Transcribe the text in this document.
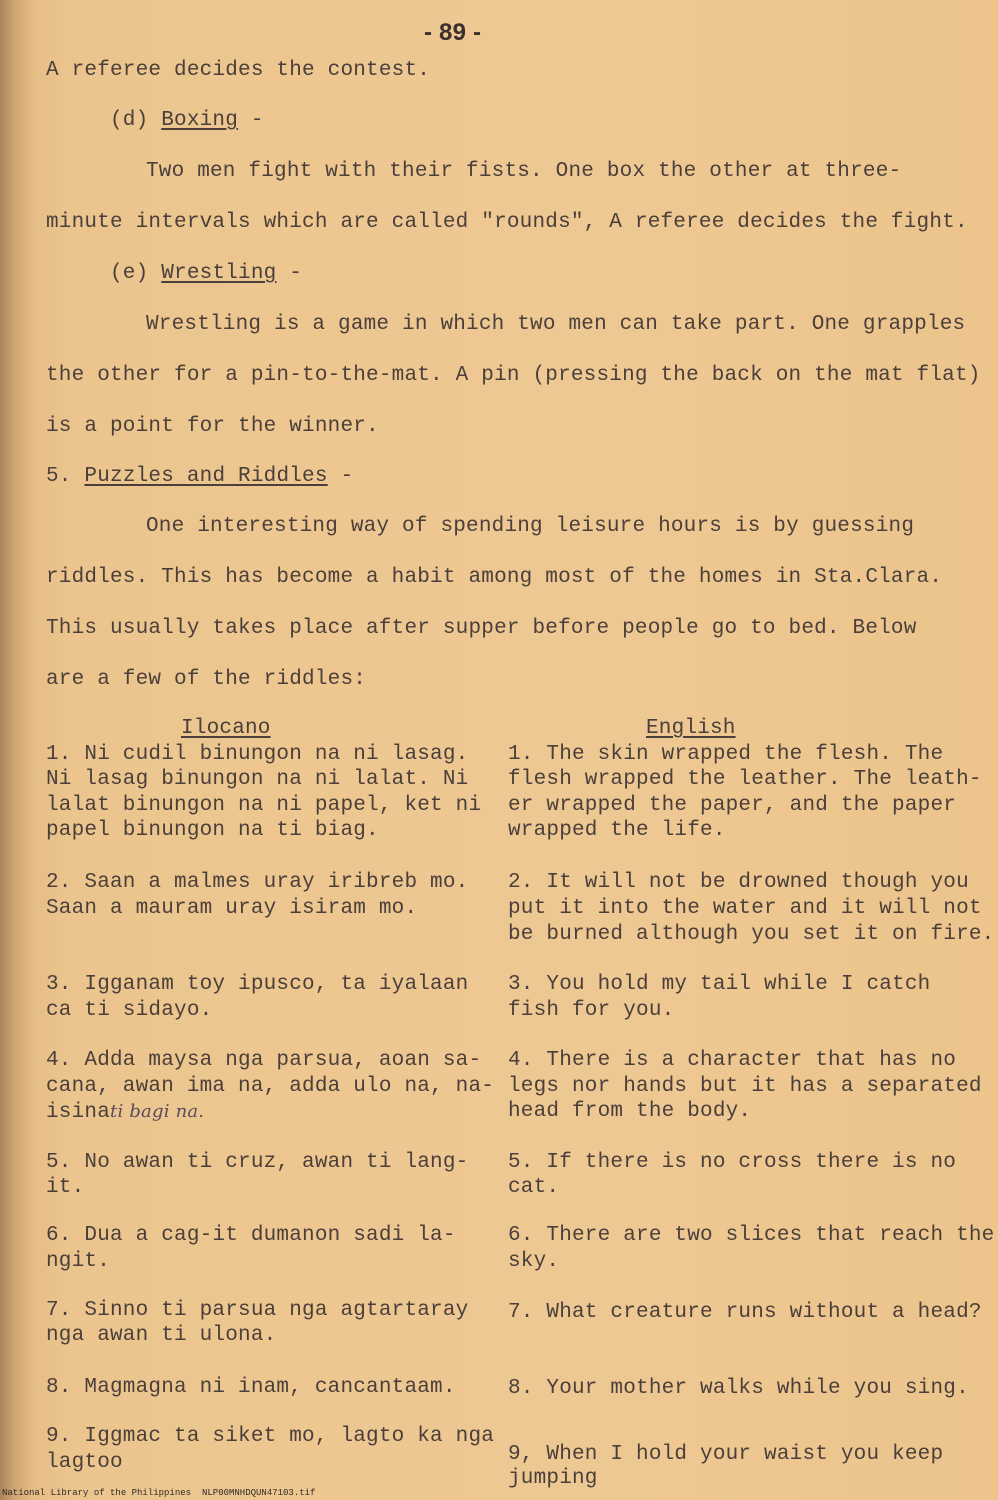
- 89 -
A referee decides the contest.
(d) Boxing -
Two men fight with their fists. One box the other at three-
minute intervals which are called "rounds", A referee decides the fight.
(e) Wrestling -
Wrestling is a game in which two men can take part. One grapples
the other for a pin-to-the-mat. A pin (pressing the back on the mat flat)
is a point for the winner.
5. Puzzles and Riddles -
One interesting way of spending leisure hours is by guessing
riddles. This has become a habit among most of the homes in Sta.Clara.
This usually takes place after supper before people go to bed. Below
are a few of the riddles:
Ilocano	English
1. Ni cudil binungon na ni lasag.
Ni lasag binungon na ni lalat. Ni
lalat binungon na ni papel, ket ni
papel binungon na ti biag.
2. Saan a malmes uray iribreb mo.
Saan a mauram uray isiram mo.
3. Igganam toy ipusco, ta iyalaan
ca ti sidayo.
4. Adda maysa nga parsua, aoan sa-
cana, awan ima na, adda ulo na, na-
isinati bagi na.
5. No awan ti cruz, awan ti lang-
it.
6. Dua a cag-it dumanon sadi la-
ngit.
7. Sinno ti parsua nga agtartaray
nga awan ti ulona.
8. Magmagna ni inam, cancantaam.
9. Iggmac ta siket mo, lagto ka nga
lagtoo
1. The skin wrapped the flesh. The
flesh wrapped the leather. The leath-
er wrapped the paper, and the paper
wrapped the life.
2. It will not be drowned though you
put it into the water and it will not
be burned although you set it on fire.
3. You hold my tail while I catch
fish for you.
4. There is a character that has no
legs nor hands but it has a separated
head from the body.
5. If there is no cross there is no
cat.
6. There are two slices that reach the
sky.
7. What creature runs without a head?
8. Your mother walks while you sing.
9, When I hold your waist you keep
jumping
National Library of the Philippines NLP00MNHDQUN47103.tif
